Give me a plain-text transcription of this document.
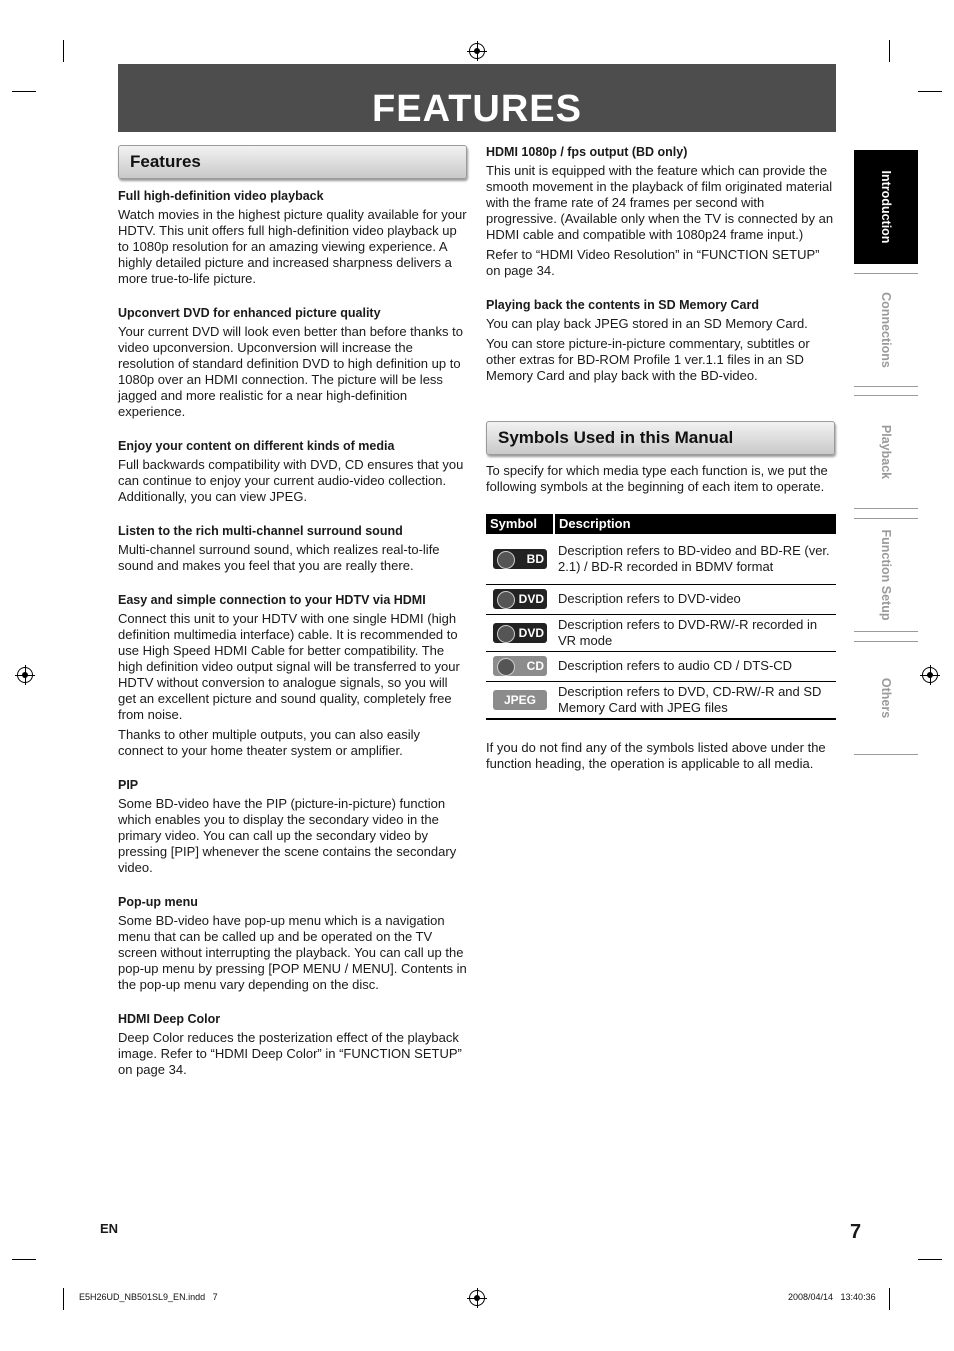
FEATURES
Features
Full high-definition video playback

Watch movies in the highest picture quality available for your HDTV. This unit offers full high-definition video playback up to 1080p resolution for an amazing viewing experience. A highly detailed picture and increased sharpness delivers a more true-to-life picture.

Upconvert DVD for enhanced picture quality

Your current DVD will look even better than before thanks to video upconversion. Upconversion will increase the resolution of standard definition DVD to high definition up to 1080p over an HDMI connection. The picture will be less jagged and more realistic for a near high-definition experience.

Enjoy your content on different kinds of media

Full backwards compatibility with DVD, CD ensures that you can continue to enjoy your current audio-video collection. Additionally, you can view JPEG.

Listen to the rich multi-channel surround sound

Multi-channel surround sound, which realizes real-to-life sound and makes you feel that you are really there.

Easy and simple connection to your HDTV via HDMI

Connect this unit to your HDTV with one single HDMI (high definition multimedia interface) cable. It is recommended to use High Speed HDMI Cable for better compatibility. The high definition video output signal will be transferred to your HDTV without conversion to analogue signals, so you will get an excellent picture and sound quality, completely free from noise.

Thanks to other multiple outputs, you can also easily connect to your home theater system or amplifier.

PIP

Some BD-video have the PIP (picture-in-picture) function which enables you to display the secondary video in the primary video. You can call up the secondary video by pressing [PIP] whenever the scene contains the secondary video.

Pop-up menu

Some BD-video have pop-up menu which is a navigation menu that can be called up and be operated on the TV screen without interrupting the playback. You can call up the pop-up menu by pressing [POP MENU / MENU]. Contents in the pop-up menu vary depending on the disc.

HDMI Deep Color

Deep Color reduces the posterization effect of the playback image. Refer to “HDMI Deep Color” in “FUNCTION SETUP” on page 34.

HDMI 1080p / fps output (BD only)

This unit is equipped with the feature which can provide the smooth movement in the playback of film originated material with the frame rate of 24 frames per second with progressive. (Available only when the TV is connected by an HDMI cable and compatible with 1080p24 frame input.)

Refer to “HDMI Video Resolution” in “FUNCTION SETUP” on page 34.

Playing back the contents in SD Memory Card

You can play back JPEG stored in an SD Memory Card.

You can store picture-in-picture commentary, subtitles or other extras for BD-ROM Profile 1 ver.1.1 files in an SD Memory Card and play back with the BD-video.

Symbols Used in this Manual

To specify for which media type each function is, we put the following symbols at the beginning of each item to operate.

Symbol	Description

BD	Description refers to BD-video and BD-RE (ver. 2.1) / BD-R recorded in BDMV format

DVD	Description refers to DVD-video

DVD	Description refers to DVD-RW/-R recorded in VR mode

CD	Description refers to audio CD / DTS-CD

JPEG	Description refers to DVD, CD-RW/-R and SD Memory Card with JPEG files

If you do not find any of the symbols listed above under the function heading, the operation is applicable to all media.

Introduction
Connections
Playback
Function Setup
Others
EN	7
E5H26UD_NB501SL9_EN.indd   7	2008/04/14   13:40:36
